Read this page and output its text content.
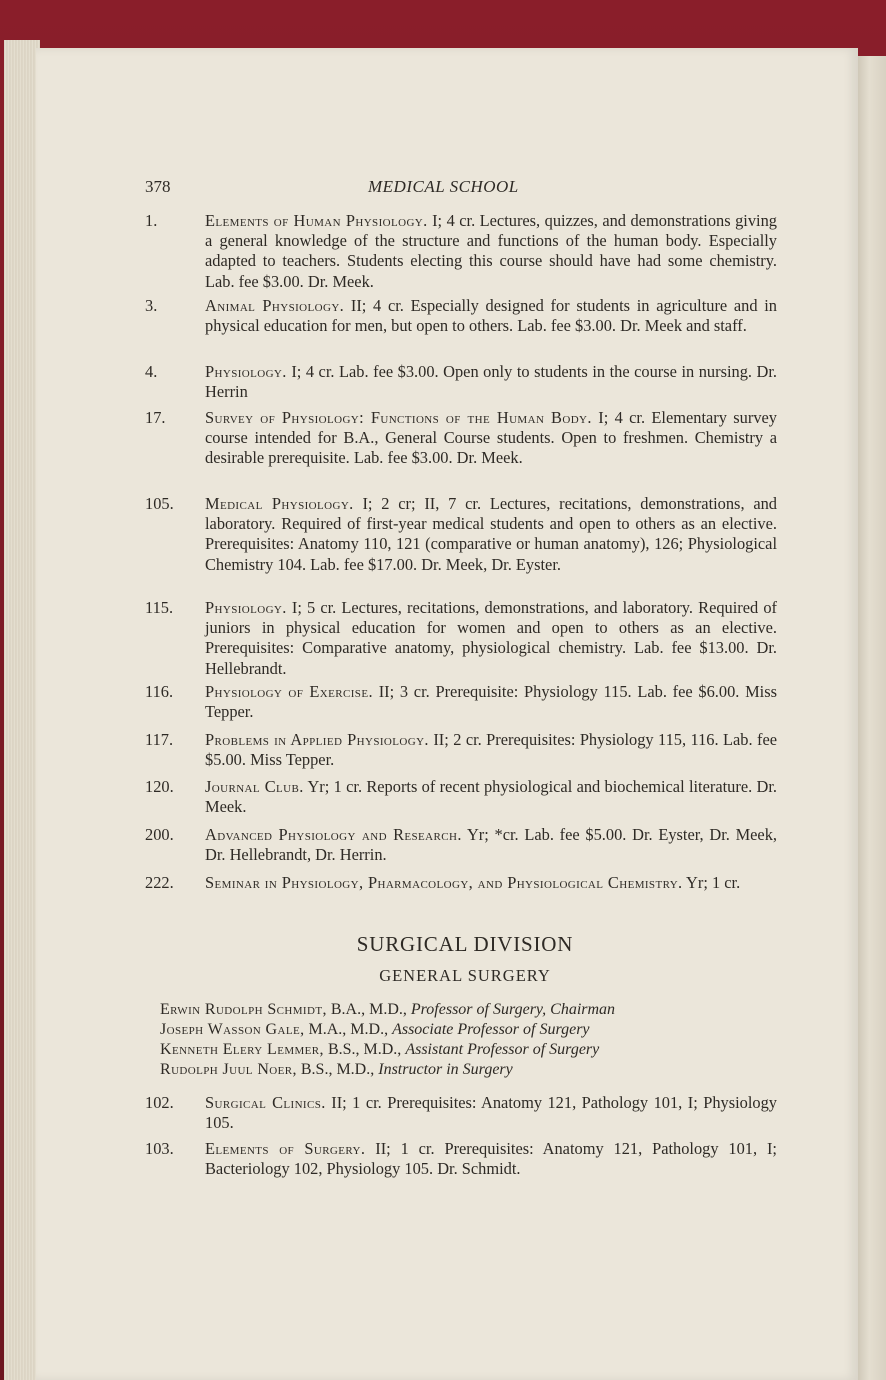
378	MEDICAL SCHOOL
1.	Elements of Human Physiology. I; 4 cr. Lectures, quizzes, and demonstrations giving a general knowledge of the structure and functions of the human body. Especially adapted to teachers. Students electing this course should have had some chemistry. Lab. fee $3.00. Dr. Meek.
3.	Animal Physiology. II; 4 cr. Especially designed for students in agriculture and in physical education for men, but open to others. Lab. fee $3.00. Dr. Meek and staff.
4.	Physiology. I; 4 cr. Lab. fee $3.00. Open only to students in the course in nursing. Dr. Herrin
17.	Survey of Physiology: Functions of the Human Body. I; 4 cr. Elementary survey course intended for B.A., General Course students. Open to freshmen. Chemistry a desirable prerequisite. Lab. fee $3.00. Dr. Meek.
105.	Medical Physiology. I; 2 cr; II, 7 cr. Lectures, recitations, demonstrations, and laboratory. Required of first-year medical students and open to others as an elective. Prerequisites: Anatomy 110, 121 (comparative or human anatomy), 126; Physiological Chemistry 104. Lab. fee $17.00. Dr. Meek, Dr. Eyster.
115.	Physiology. I; 5 cr. Lectures, recitations, demonstrations, and laboratory. Required of juniors in physical education for women and open to others as an elective. Prerequisites: Comparative anatomy, physiological chemistry. Lab. fee $13.00. Dr. Hellebrandt.
116.	Physiology of Exercise. II; 3 cr. Prerequisite: Physiology 115. Lab. fee $6.00. Miss Tepper.
117.	Problems in Applied Physiology. II; 2 cr. Prerequisites: Physiology 115, 116. Lab. fee $5.00. Miss Tepper.
120.	Journal Club. Yr; 1 cr. Reports of recent physiological and biochemical literature. Dr. Meek.
200.	Advanced Physiology and Research. Yr; *cr. Lab. fee $5.00. Dr. Eyster, Dr. Meek, Dr. Hellebrandt, Dr. Herrin.
222.	Seminar in Physiology, Pharmacology, and Physiological Chemistry. Yr; 1 cr.
SURGICAL DIVISION
GENERAL SURGERY
Erwin Rudolph Schmidt, B.A., M.D., Professor of Surgery, Chairman
Joseph Wasson Gale, M.A., M.D., Associate Professor of Surgery
Kenneth Elery Lemmer, B.S., M.D., Assistant Professor of Surgery
Rudolph Juul Noer, B.S., M.D., Instructor in Surgery
102.	Surgical Clinics. II; 1 cr. Prerequisites: Anatomy 121, Pathology 101, I; Physiology 105.
103.	Elements of Surgery. II; 1 cr. Prerequisites: Anatomy 121, Pathology 101, I; Bacteriology 102, Physiology 105. Dr. Schmidt.
